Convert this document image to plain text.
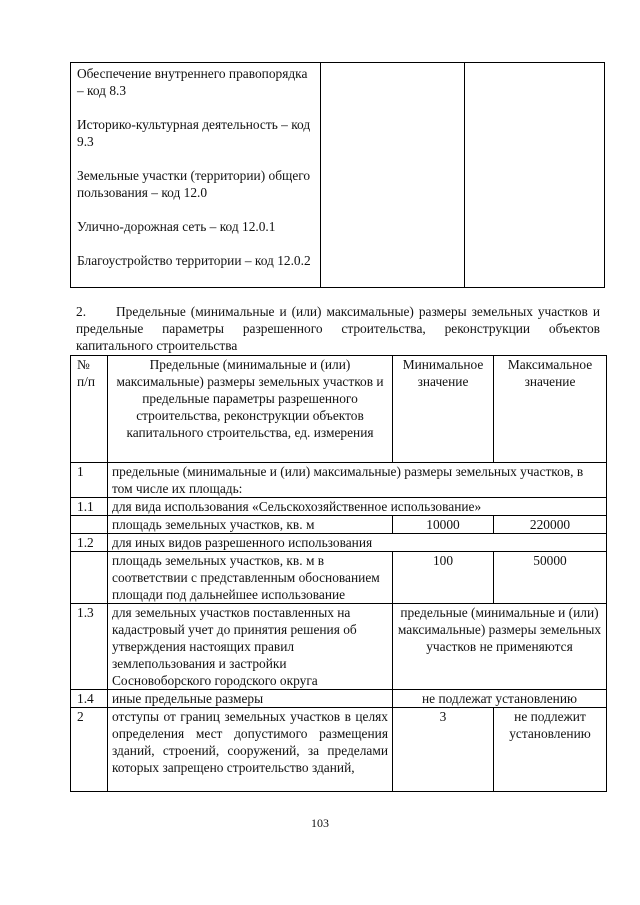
Обеспечение внутреннего правопорядка – код 8.3

Историко-культурная деятельность – код 9.3

Земельные участки (территории) общего пользования – код 12.0

Улично-дорожная сеть – код 12.0.1

Благоустройство территории – код 12.0.2

2. Предельные (минимальные и (или) максимальные) размеры земельных участков и предельные параметры разрешенного строительства, реконструкции объектов капитального строительства
№ п/п	Предельные (минимальные и (или) максимальные) размеры земельных участков и предельные параметры разрешенного строительства, реконструкции объектов капитального строительства, ед. измерения	Минимальное значение	Максимальное значение
1	предельные (минимальные и (или) максимальные) размеры земельных участков, в том числе их площадь:		
1.1	для вида использования «Сельскохозяйственное использование»		
	площадь земельных участков, кв. м	10000	220000
1.2	для иных видов разрешенного использования		
	площадь земельных участков, кв. м в соответствии с представленным обоснованием площади под дальнейшее использование	100	50000
1.3	для земельных участков поставленных на кадастровый учет до принятия решения об утверждения настоящих правил землепользования и застройки Сосновоборского городского округа	предельные (минимальные и (или) максимальные) размеры земельных участков не применяются	
1.4	иные предельные размеры	не подлежат установлению	
2	отступы от границ земельных участков в целях определения мест допустимого размещения зданий, строений, сооружений, за пределами которых запрещено строительство зданий,	3	не подлежит установлению
103
